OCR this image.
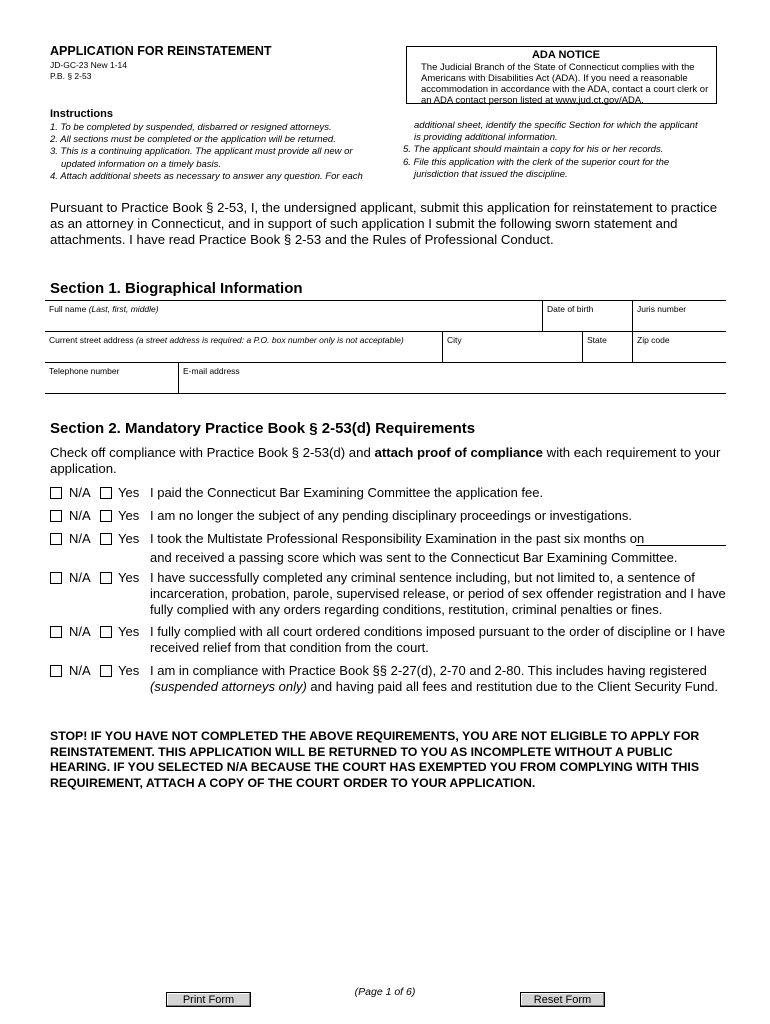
APPLICATION FOR REINSTATEMENT
JD-GC-23 New 1-14
P.B. § 2-53
ADA NOTICE
The Judicial Branch of the State of Connecticut complies with the Americans with Disabilities Act (ADA). If you need a reasonable accommodation in accordance with the ADA, contact a court clerk or an ADA contact person listed at www.jud.ct.gov/ADA.
Instructions
1. To be completed by suspended, disbarred or resigned attorneys.
2. All sections must be completed or the application will be returned.
3. This is a continuing application. The applicant must provide all new or
updated information on a timely basis.
4. Attach additional sheets as necessary to answer any question. For each
additional sheet, identify the specific Section for which the applicant
is providing additional information.
5. The applicant should maintain a copy for his or her records.
6. File this application with the clerk of the superior court for the
jurisdiction that issued the discipline.
Pursuant to Practice Book § 2-53, I, the undersigned applicant, submit this application for reinstatement to practice as an attorney in Connecticut, and in support of such application I submit the following sworn statement and attachments. I have read Practice Book § 2-53 and the Rules of Professional Conduct.
Section 1. Biographical Information
Full name (Last, first, middle)	Date of birth	Juris number
Current street address (a street address is required: a P.O. box number only is not acceptable)	City	State	Zip code
Telephone number	E-mail address
Section 2. Mandatory Practice Book § 2-53(d) Requirements
Check off compliance with Practice Book § 2-53(d) and attach proof of compliance with each requirement to your application.
N/A Yes I paid the Connecticut Bar Examining Committee the application fee.
N/A Yes I am no longer the subject of any pending disciplinary proceedings or investigations.
N/A Yes I took the Multistate Professional Responsibility Examination in the past six months on
and received a passing score which was sent to the Connecticut Bar Examining Committee.
N/A Yes I have successfully completed any criminal sentence including, but not limited to, a sentence of incarceration, probation, parole, supervised release, or period of sex offender registration and I have fully complied with any orders regarding conditions, restitution, criminal penalties or fines.
N/A Yes I fully complied with all court ordered conditions imposed pursuant to the order of discipline or I have received relief from that condition from the court.
N/A Yes I am in compliance with Practice Book §§ 2-27(d), 2-70 and 2-80. This includes having registered (suspended attorneys only) and having paid all fees and restitution due to the Client Security Fund.
STOP! IF YOU HAVE NOT COMPLETED THE ABOVE REQUIREMENTS, YOU ARE NOT ELIGIBLE TO APPLY FOR REINSTATEMENT. THIS APPLICATION WILL BE RETURNED TO YOU AS INCOMPLETE WITHOUT A PUBLIC HEARING. IF YOU SELECTED N/A BECAUSE THE COURT HAS EXEMPTED YOU FROM COMPLYING WITH THIS REQUIREMENT, ATTACH A COPY OF THE COURT ORDER TO YOUR APPLICATION.
(Page 1 of 6)
Print Form	Reset Form
